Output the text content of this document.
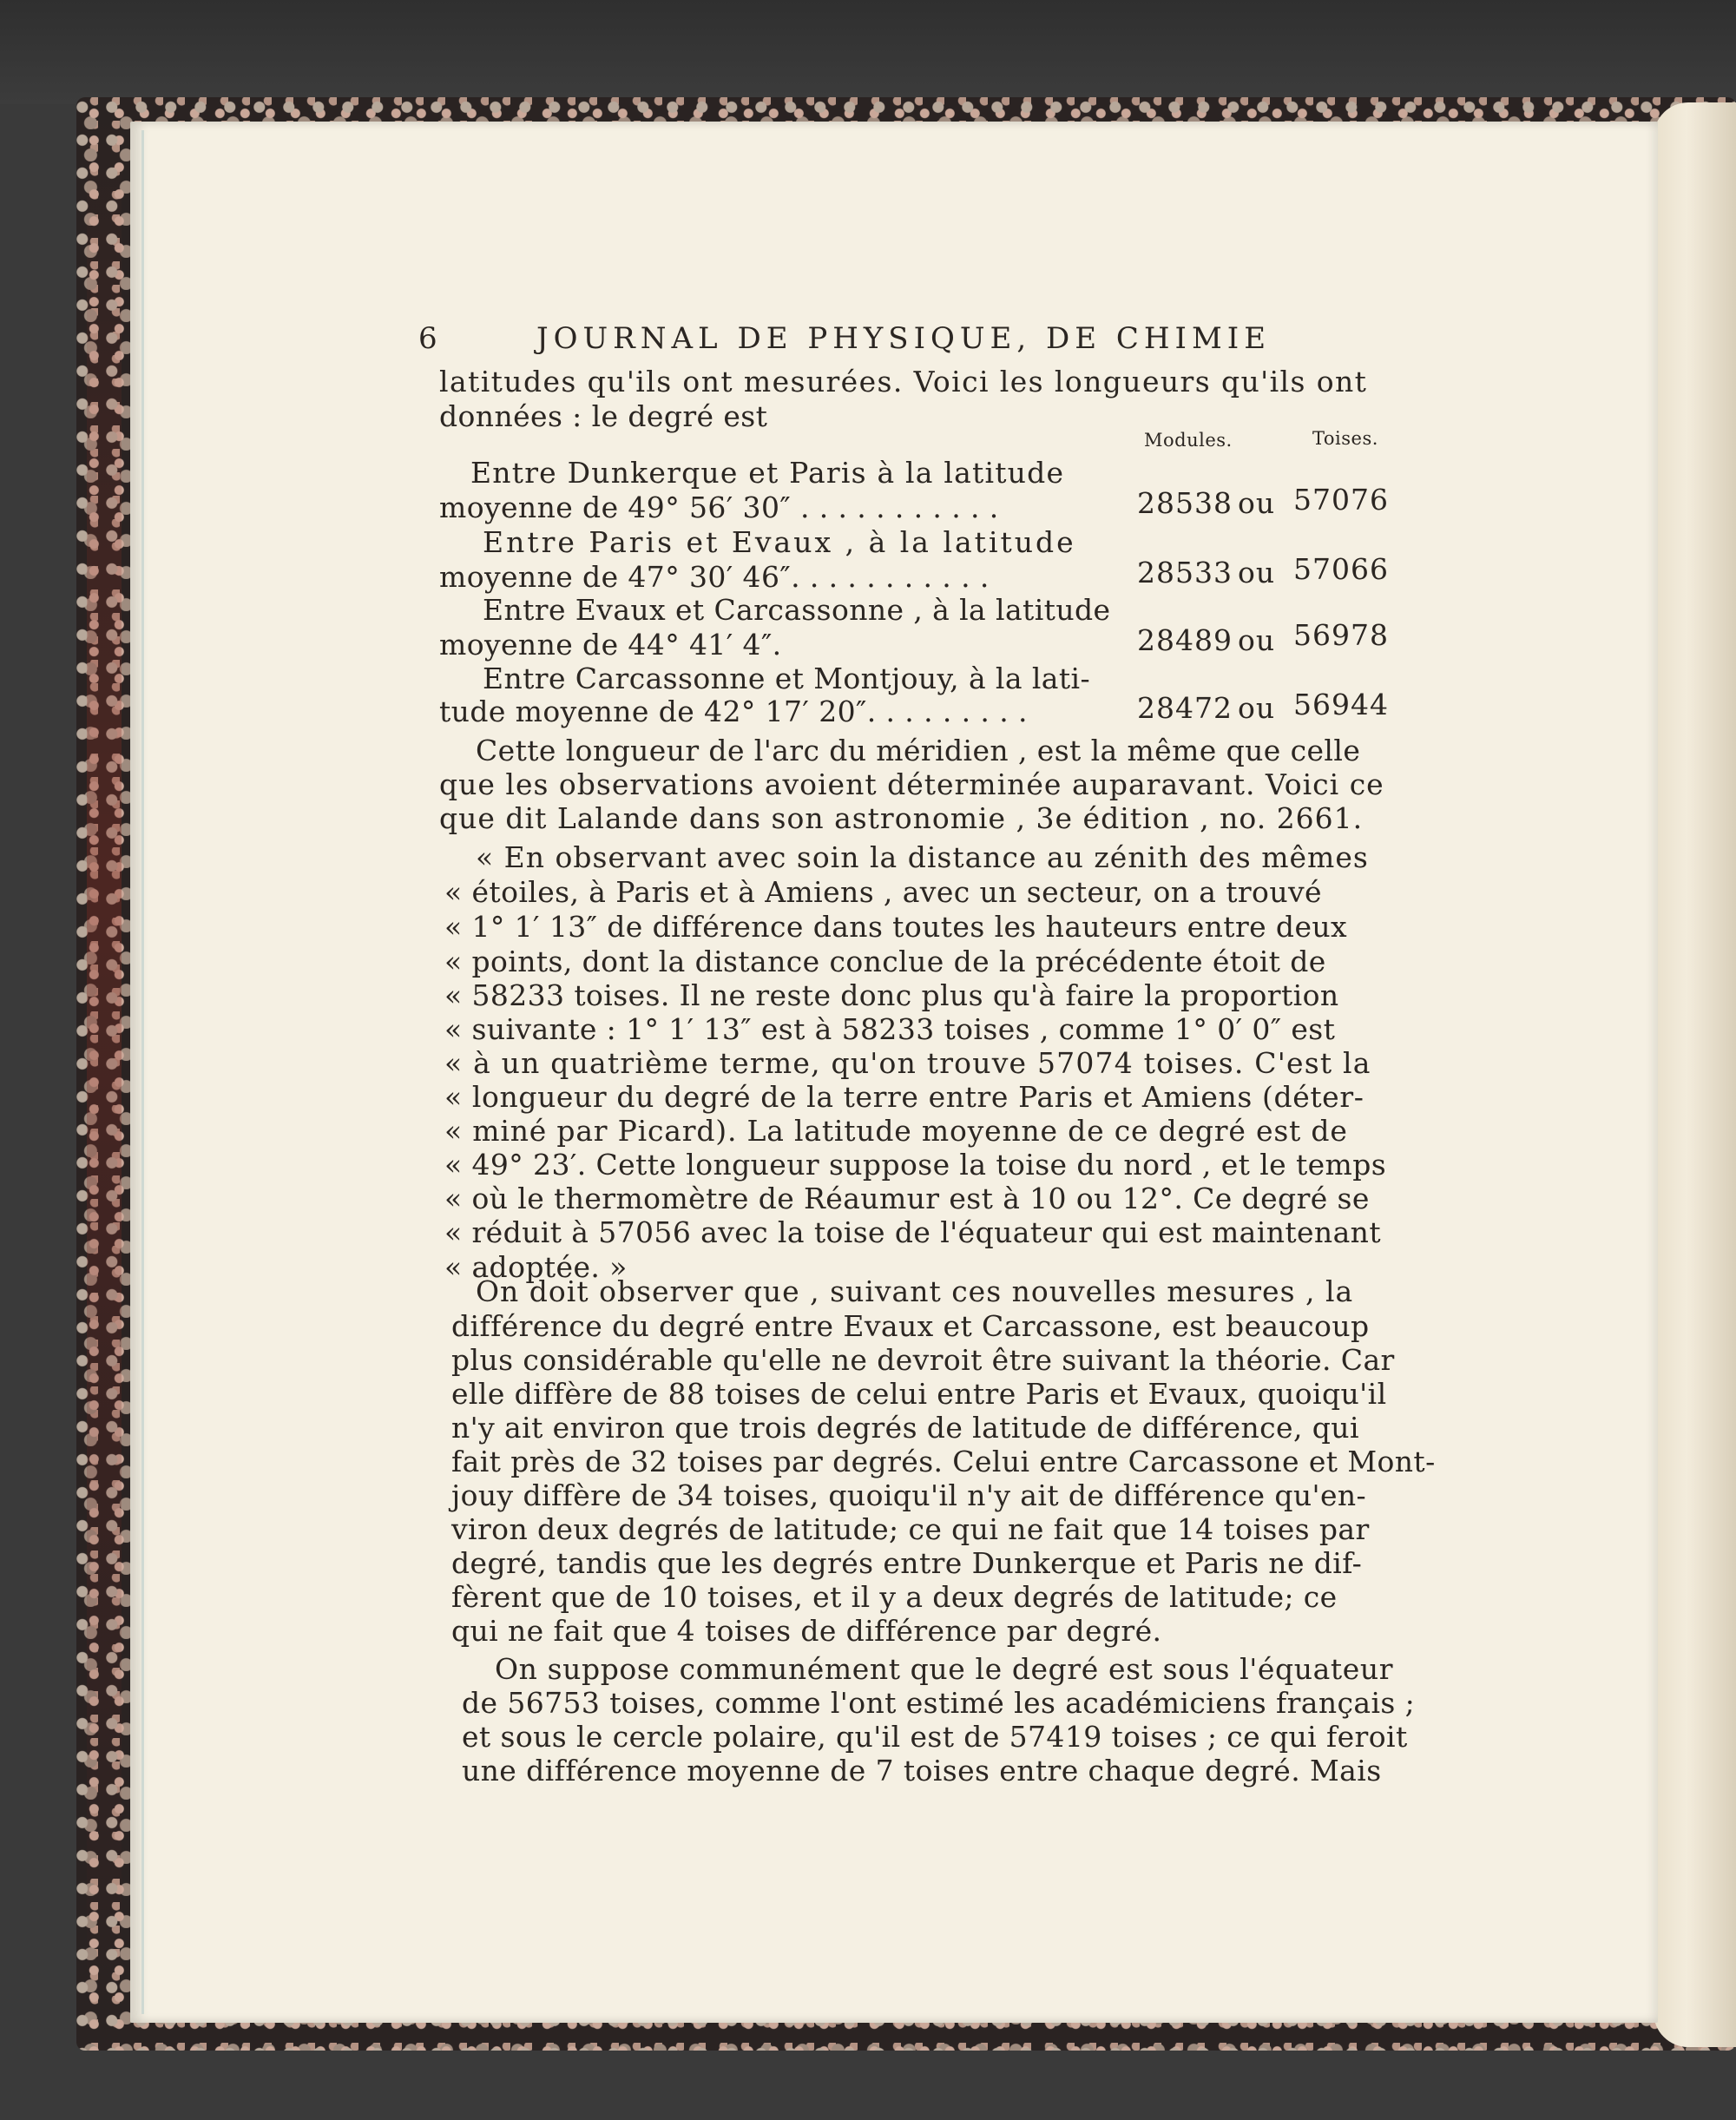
6	JOURNAL DE PHYSIQUE, DE CHIMIE
latitudes qu'ils ont mesurées. Voici les longueurs qu'ils ont
données : le degré est
Modules.	Toises.
Entre Dunkerque et Paris à la latitude
moyenne de 49° 56′ 30″ . . . . . . . . . . .	28538 ou 57076
Entre Paris et Evaux , à la latitude
moyenne de 47° 30′ 46″. . . . . . . . . . .	28533 ou 57066
Entre Evaux et Carcassonne , à la latitude
moyenne de 44° 41′ 4″.	28489 ou 56978
Entre Carcassonne et Montjouy, à la lati-
tude moyenne de 42° 17′ 20″. . . . . . . . .	28472 ou 56944
Cette longueur de l'arc du méridien , est la même que celle
que les observations avoient déterminée auparavant. Voici ce
que dit Lalande dans son astronomie , 3e édition , no. 2661.
« En observant avec soin la distance au zénith des mêmes
« étoiles, à Paris et à Amiens , avec un secteur, on a trouvé
« 1° 1′ 13″ de différence dans toutes les hauteurs entre deux
« points, dont la distance conclue de la précédente étoit de
« 58233 toises. Il ne reste donc plus qu'à faire la proportion
« suivante : 1° 1′ 13″ est à 58233 toises , comme 1° 0′ 0″ est
« à un quatrième terme, qu'on trouve 57074 toises. C'est la
« longueur du degré de la terre entre Paris et Amiens (déter-
« miné par Picard). La latitude moyenne de ce degré est de
« 49° 23′. Cette longueur suppose la toise du nord , et le temps
« où le thermomètre de Réaumur est à 10 ou 12°. Ce degré se
« réduit à 57056 avec la toise de l'équateur qui est maintenant
« adoptée. »
On doit observer que , suivant ces nouvelles mesures , la
différence du degré entre Evaux et Carcassone, est beaucoup
plus considérable qu'elle ne devroit être suivant la théorie. Car
elle diffère de 88 toises de celui entre Paris et Evaux, quoiqu'il
n'y ait environ que trois degrés de latitude de différence, qui
fait près de 32 toises par degrés. Celui entre Carcassone et Mont-
jouy diffère de 34 toises, quoiqu'il n'y ait de différence qu'en-
viron deux degrés de latitude; ce qui ne fait que 14 toises par
degré, tandis que les degrés entre Dunkerque et Paris ne dif-
fèrent que de 10 toises, et il y a deux degrés de latitude; ce
qui ne fait que 4 toises de différence par degré.
On suppose communément que le degré est sous l'équateur
de 56753 toises, comme l'ont estimé les académiciens français ;
et sous le cercle polaire, qu'il est de 57419 toises ; ce qui feroit
une différence moyenne de 7 toises entre chaque degré. Mais
